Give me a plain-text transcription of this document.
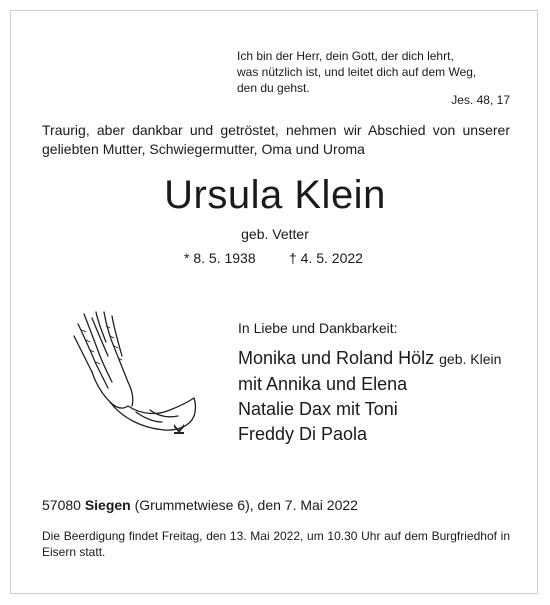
Ich bin der Herr, dein Gott, der dich lehrt,
was nützlich ist, und leitet dich auf dem Weg,
den du gehst.
Jes. 48, 17
Traurig, aber dankbar und getröstet, nehmen wir Abschied von unserer geliebten Mutter, Schwiegermutter, Oma und Uroma
Ursula Klein
geb. Vetter
* 8. 5. 1938 † 4. 5. 2022
In Liebe und Dankbarkeit:
Monika und Roland Hölz geb. Klein
mit Annika und Elena
Natalie Dax mit Toni
Freddy Di Paola
57080 Siegen (Grummetwiese 6), den 7. Mai 2022
Die Beerdigung findet Freitag, den 13. Mai 2022, um 10.30 Uhr auf dem Burgfriedhof in Eisern statt.
